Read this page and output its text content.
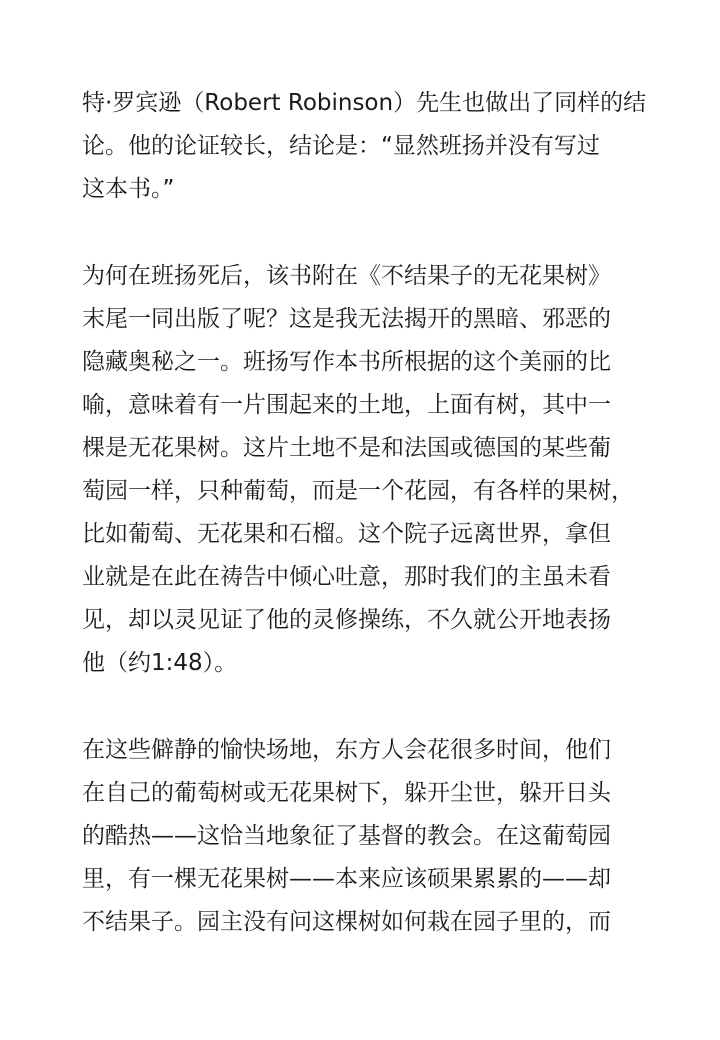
特·罗宾逊（Robert Robinson）先生也做出了同样的结
论。他的论证较长，结论是：“显然班扬并没有写过
这本书。”
为何在班扬死后，该书附在《不结果子的无花果树》
末尾一同出版了呢？这是我无法揭开的黑暗、邪恶的
隐藏奥秘之一。班扬写作本书所根据的这个美丽的比
喻，意味着有一片围起来的土地，上面有树，其中一
棵是无花果树。这片土地不是和法国或德国的某些葡
萄园一样，只种葡萄，而是一个花园，有各样的果树，
比如葡萄、无花果和石榴。这个院子远离世界，拿但
业就是在此在祷告中倾心吐意，那时我们的主虽未看
见，却以灵见证了他的灵修操练，不久就公开地表扬
他（约1:48）。
在这些僻静的愉快场地，东方人会花很多时间，他们
在自己的葡萄树或无花果树下，躲开尘世，躲开日头
的酷热——这恰当地象征了基督的教会。在这葡萄园
里，有一棵无花果树——本来应该硕果累累的——却
不结果子。园主没有问这棵树如何栽在园子里的，而
